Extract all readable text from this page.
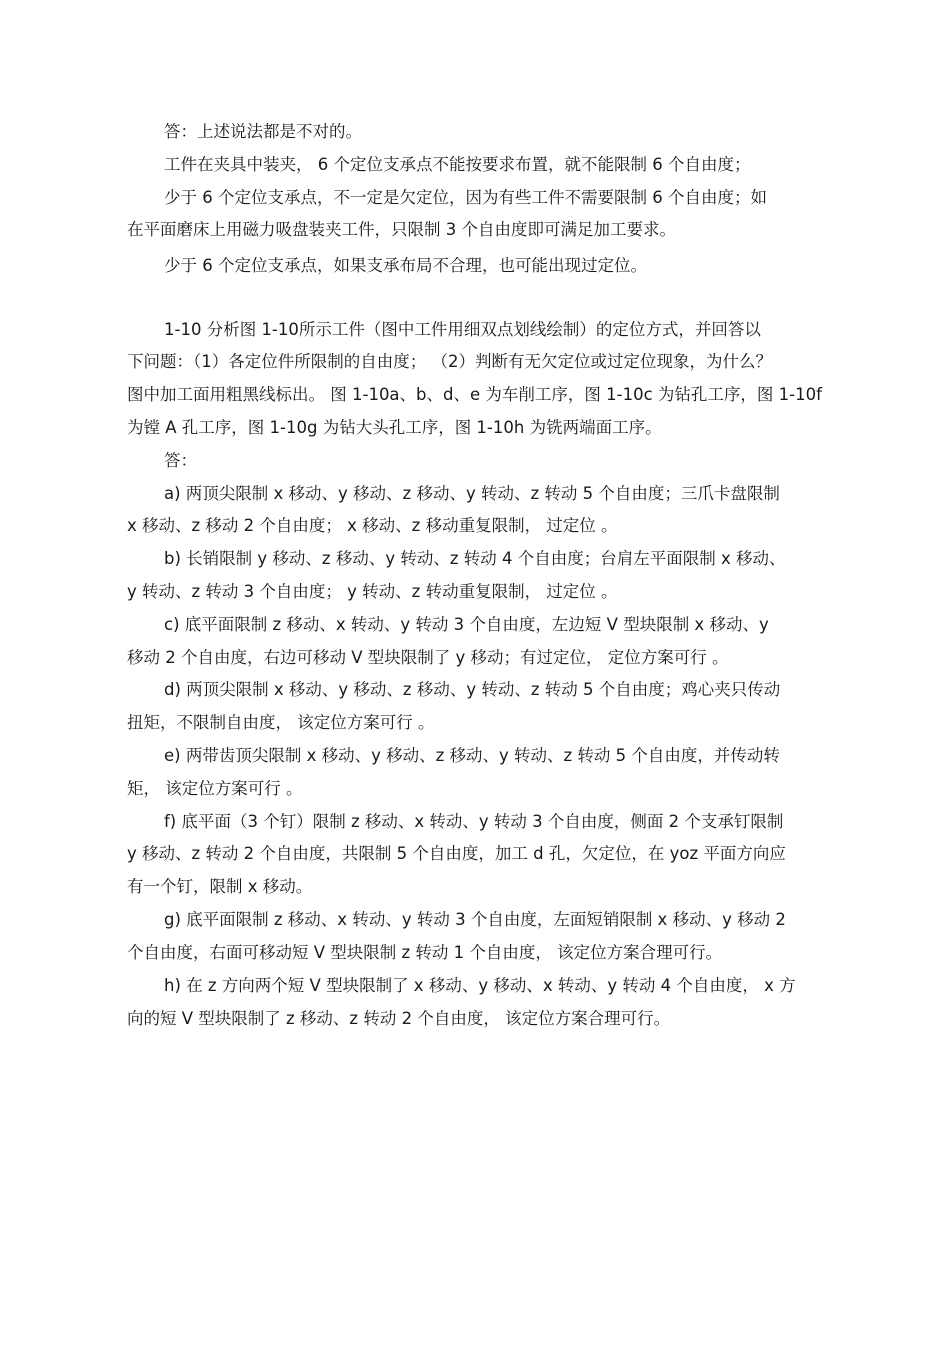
答：上述说法都是不对的。
工件在夹具中装夹， 6 个定位支承点不能按要求布置，就不能限制 6 个自由度；
少于 6 个定位支承点，不一定是欠定位，因为有些工件不需要限制 6 个自由度；如
在平面磨床上用磁力吸盘装夹工件，只限制 3 个自由度即可满足加工要求。
少于 6 个定位支承点，如果支承布局不合理，也可能出现过定位。
1-10 分析图 1-10所示工件（图中工件用细双点划线绘制）的定位方式，并回答以
下问题：（1）各定位件所限制的自由度； （2）判断有无欠定位或过定位现象，为什么？
图中加工面用粗黑线标出。 图 1-10a、b、d、e 为车削工序，图 1-10c 为钻孔工序，图 1-10f
为镗 A 孔工序，图 1-10g 为钻大头孔工序，图 1-10h 为铣两端面工序。
答：
a) 两顶尖限制 x 移动、y 移动、z 移动、y 转动、z 转动 5 个自由度；三爪卡盘限制
x 移动、z 移动 2 个自由度； x 移动、z 移动重复限制， 过定位 。
b) 长销限制 y 移动、z 移动、y 转动、z 转动 4 个自由度；台肩左平面限制 x 移动、
y 转动、z 转动 3 个自由度； y 转动、z 转动重复限制， 过定位 。
c) 底平面限制 z 移动、x 转动、y 转动 3 个自由度，左边短 V 型块限制 x 移动、y
移动 2 个自由度，右边可移动 V 型块限制了 y 移动；有过定位， 定位方案可行 。
d) 两顶尖限制 x 移动、y 移动、z 移动、y 转动、z 转动 5 个自由度；鸡心夹只传动
扭矩，不限制自由度， 该定位方案可行 。
e) 两带齿顶尖限制 x 移动、y 移动、z 移动、y 转动、z 转动 5 个自由度，并传动转
矩， 该定位方案可行 。
f) 底平面（3 个钉）限制 z 移动、x 转动、y 转动 3 个自由度，侧面 2 个支承钉限制
y 移动、z 转动 2 个自由度，共限制 5 个自由度，加工 d 孔，欠定位，在 yoz 平面方向应
有一个钉，限制 x 移动。
g) 底平面限制 z 移动、x 转动、y 转动 3 个自由度，左面短销限制 x 移动、y 移动 2
个自由度，右面可移动短 V 型块限制 z 转动 1 个自由度， 该定位方案合理可行。
h) 在 z 方向两个短 V 型块限制了 x 移动、y 移动、x 转动、y 转动 4 个自由度， x 方
向的短 V 型块限制了 z 移动、z 转动 2 个自由度， 该定位方案合理可行。
